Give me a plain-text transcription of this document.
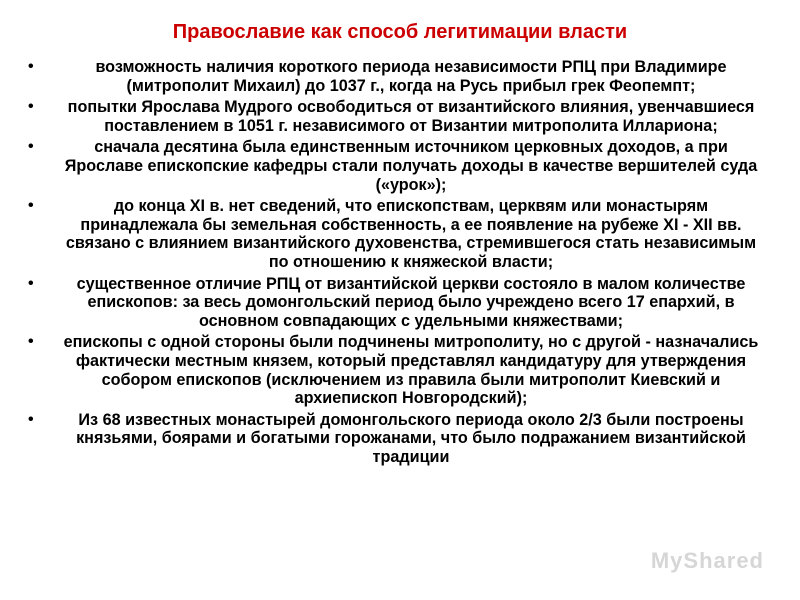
Православие как способ легитимации власти
•	возможность наличия короткого периода независимости РПЦ при Владимире (митрополит Михаил) до 1037 г., когда на Русь прибыл грек Феопемпт;
•	попытки Ярослава Мудрого освободиться от византийского влияния, увенчавшиеся поставлением в 1051 г. независимого от Византии митрополита Иллариона;
•	сначала десятина была единственным источником церковных доходов, а при Ярославе епископские кафедры стали получать доходы в качестве вершителей суда («урок»);
•	до конца XI в. нет сведений, что епископствам, церквям или монастырям принадлежала бы земельная собственность, а ее появление на рубеже XI - XII вв. связано с влиянием византийского духовенства, стремившегося стать независимым по отношению к княжеской власти;
•	существенное отличие РПЦ от византийской церкви состояло в малом количестве епископов: за весь домонгольский период было учреждено всего 17 епархий, в основном совпадающих с удельными княжествами;
•	епископы с одной стороны были подчинены митрополиту, но с другой - назначались фактически местным князем, который представлял кандидатуру для утверждения собором епископов (исключением из правила были митрополит Киевский и архиепископ Новгородский);
•	Из 68 известных монастырей домонгольского периода около 2/3 были построены князьями, боярами и богатыми горожанами, что было подражанием византийской традиции
MyShared
